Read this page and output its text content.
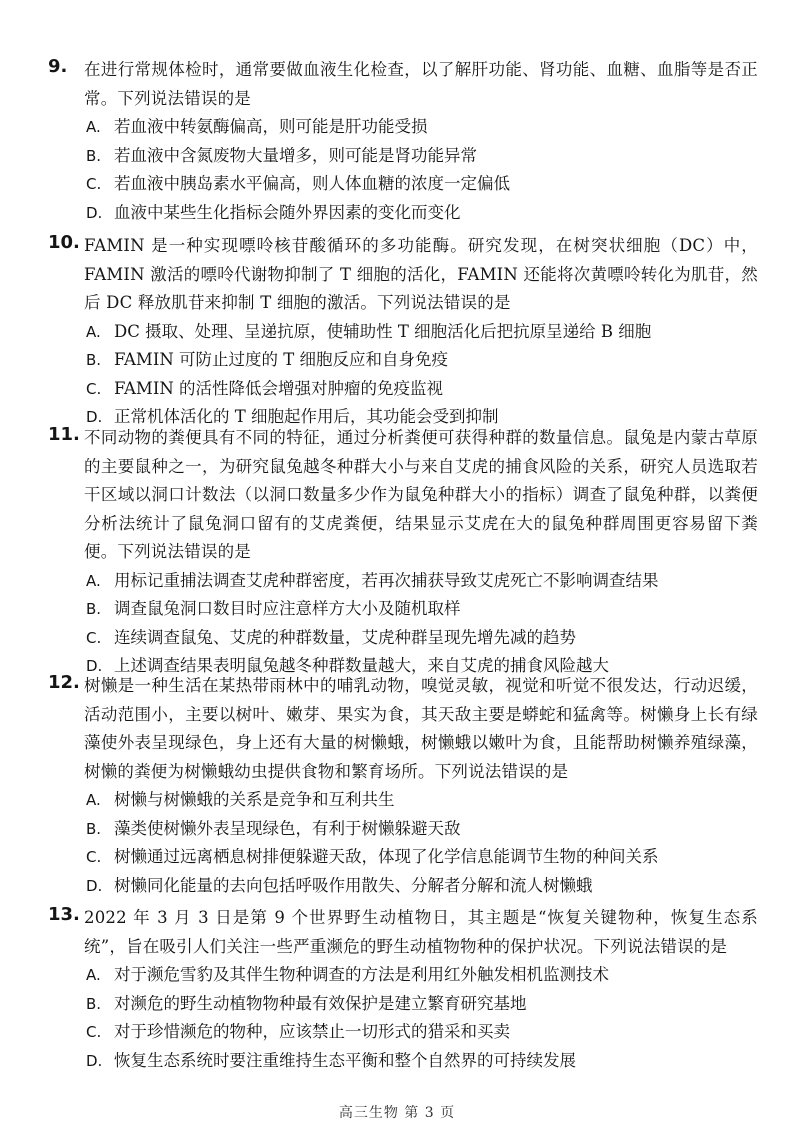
9. 在进行常规体检时，通常要做血液生化检查，以了解肝功能、肾功能、血糖、血脂等是否正常。下列说法错误的是
A. 若血液中转氨酶偏高，则可能是肝功能受损
B. 若血液中含氮废物大量增多，则可能是肾功能异常
C. 若血液中胰岛素水平偏高，则人体血糖的浓度一定偏低
D. 血液中某些生化指标会随外界因素的变化而变化
10. FAMIN 是一种实现嘌呤核苷酸循环的多功能酶。研究发现，在树突状细胞（DC）中，FAMIN 激活的嘌呤代谢物抑制了 T 细胞的活化，FAMIN 还能将次黄嘌呤转化为肌苷，然后 DC 释放肌苷来抑制 T 细胞的激活。下列说法错误的是
A. DC 摄取、处理、呈递抗原，使辅助性 T 细胞活化后把抗原呈递给 B 细胞
B. FAMIN 可防止过度的 T 细胞反应和自身免疫
C. FAMIN 的活性降低会增强对肿瘤的免疫监视
D. 正常机体活化的 T 细胞起作用后，其功能会受到抑制
11. 不同动物的粪便具有不同的特征，通过分析粪便可获得种群的数量信息。鼠兔是内蒙古草原的主要鼠种之一，为研究鼠兔越冬种群大小与来自艾虎的捕食风险的关系，研究人员选取若干区域以洞口计数法（以洞口数量多少作为鼠兔种群大小的指标）调查了鼠兔种群，以粪便分析法统计了鼠兔洞口留有的艾虎粪便，结果显示艾虎在大的鼠兔种群周围更容易留下粪便。下列说法错误的是
A. 用标记重捕法调查艾虎种群密度，若再次捕获导致艾虎死亡不影响调查结果
B. 调查鼠兔洞口数目时应注意样方大小及随机取样
C. 连续调查鼠兔、艾虎的种群数量，艾虎种群呈现先增先减的趋势
D. 上述调查结果表明鼠兔越冬种群数量越大，来自艾虎的捕食风险越大
12. 树懒是一种生活在某热带雨林中的哺乳动物，嗅觉灵敏，视觉和听觉不很发达，行动迟缓，活动范围小，主要以树叶、嫩芽、果实为食，其天敌主要是蟒蛇和猛禽等。树懒身上长有绿藻使外表呈现绿色，身上还有大量的树懒蛾，树懒蛾以嫩叶为食，且能帮助树懒养殖绿藻，树懒的粪便为树懒蛾幼虫提供食物和繁育场所。下列说法错误的是
A. 树懒与树懒蛾的关系是竞争和互利共生
B. 藻类使树懒外表呈现绿色，有利于树懒躲避天敌
C. 树懒通过远离栖息树排便躲避天敌，体现了化学信息能调节生物的种间关系
D. 树懒同化能量的去向包括呼吸作用散失、分解者分解和流人树懒蛾
13. 2022 年 3 月 3 日是第 9 个世界野生动植物日，其主题是“恢复关键物种，恢复生态系统”，旨在吸引人们关注一些严重濒危的野生动植物物种的保护状况。下列说法错误的是
A. 对于濒危雪豹及其伴生物种调查的方法是利用红外触发相机监测技术
B. 对濒危的野生动植物物种最有效保护是建立繁育研究基地
C. 对于珍惜濒危的物种，应该禁止一切形式的猎采和买卖
D. 恢复生态系统时要注重维持生态平衡和整个自然界的可持续发展
高三生物 第 3 页
